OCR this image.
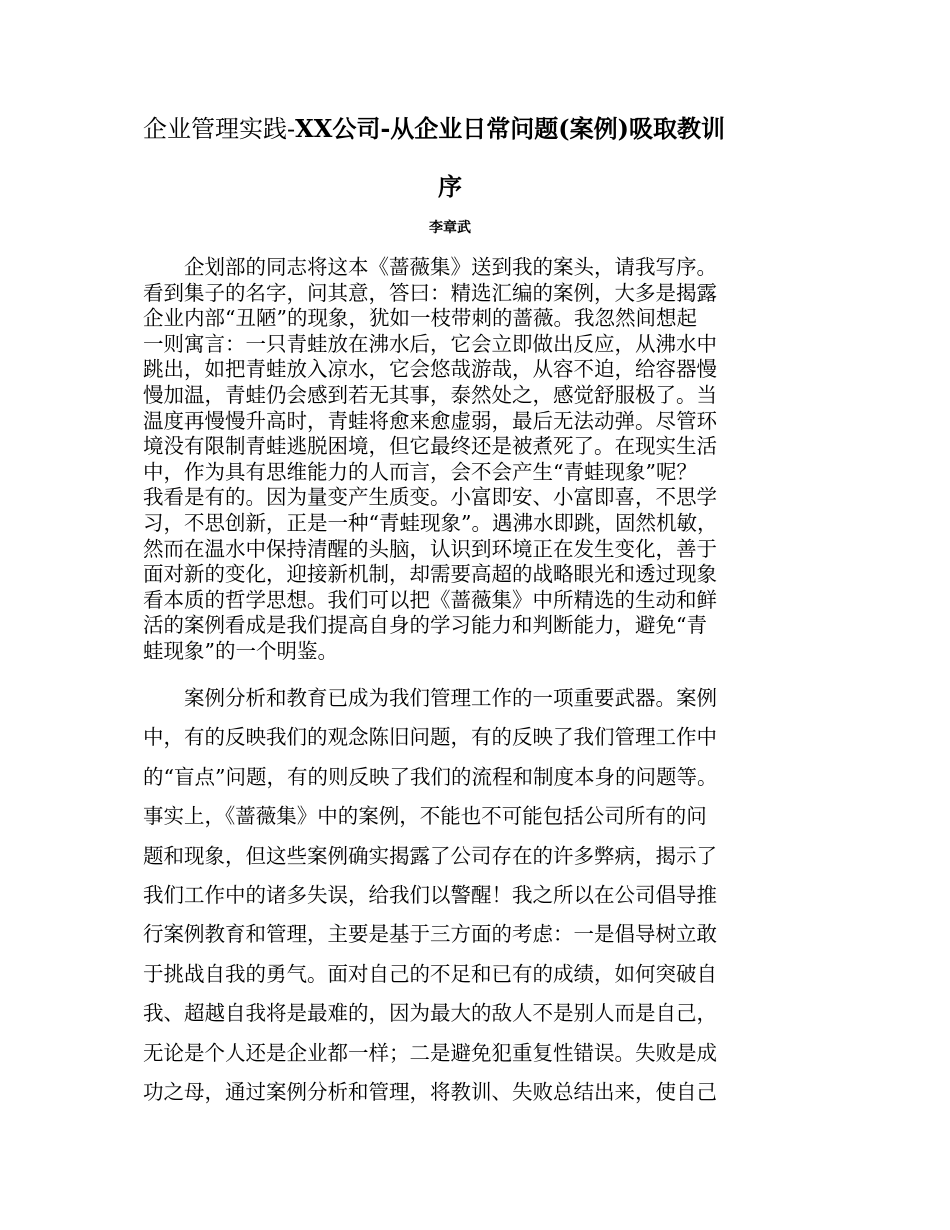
企业管理实践-XX公司-从企业日常问题(案例)吸取教训
序
李章武

　　企划部的同志将这本《蔷薇集》送到我的案头，请我写序。
看到集子的名字，问其意，答曰：精选汇编的案例，大多是揭露
企业内部“丑陋”的现象，犹如一枝带刺的蔷薇。我忽然间想起
一则寓言：一只青蛙放在沸水后，它会立即做出反应，从沸水中
跳出，如把青蛙放入凉水，它会悠哉游哉，从容不迫，给容器慢
慢加温，青蛙仍会感到若无其事，泰然处之，感觉舒服极了。当
温度再慢慢升高时，青蛙将愈来愈虚弱，最后无法动弹。尽管环
境没有限制青蛙逃脱困境，但它最终还是被煮死了。在现实生活
中，作为具有思维能力的人而言，会不会产生“青蛙现象”呢？
我看是有的。因为量变产生质变。小富即安、小富即喜，不思学
习，不思创新，正是一种“青蛙现象”。遇沸水即跳，固然机敏，
然而在温水中保持清醒的头脑，认识到环境正在发生变化，善于
面对新的变化，迎接新机制，却需要高超的战略眼光和透过现象
看本质的哲学思想。我们可以把《蔷薇集》中所精选的生动和鲜
活的案例看成是我们提高自身的学习能力和判断能力，避免“青
蛙现象”的一个明鉴。

　　案例分析和教育已成为我们管理工作的一项重要武器。案例
中，有的反映我们的观念陈旧问题，有的反映了我们管理工作中
的“盲点”问题，有的则反映了我们的流程和制度本身的问题等。
事实上，《蔷薇集》中的案例，不能也不可能包括公司所有的问
题和现象，但这些案例确实揭露了公司存在的许多弊病，揭示了
我们工作中的诸多失误，给我们以警醒！我之所以在公司倡导推
行案例教育和管理，主要是基于三方面的考虑：一是倡导树立敢
于挑战自我的勇气。面对自己的不足和已有的成绩，如何突破自
我、超越自我将是最难的，因为最大的敌人不是别人而是自己，
无论是个人还是企业都一样；二是避免犯重复性错误。失败是成
功之母，通过案例分析和管理，将教训、失败总结出来，使自己
